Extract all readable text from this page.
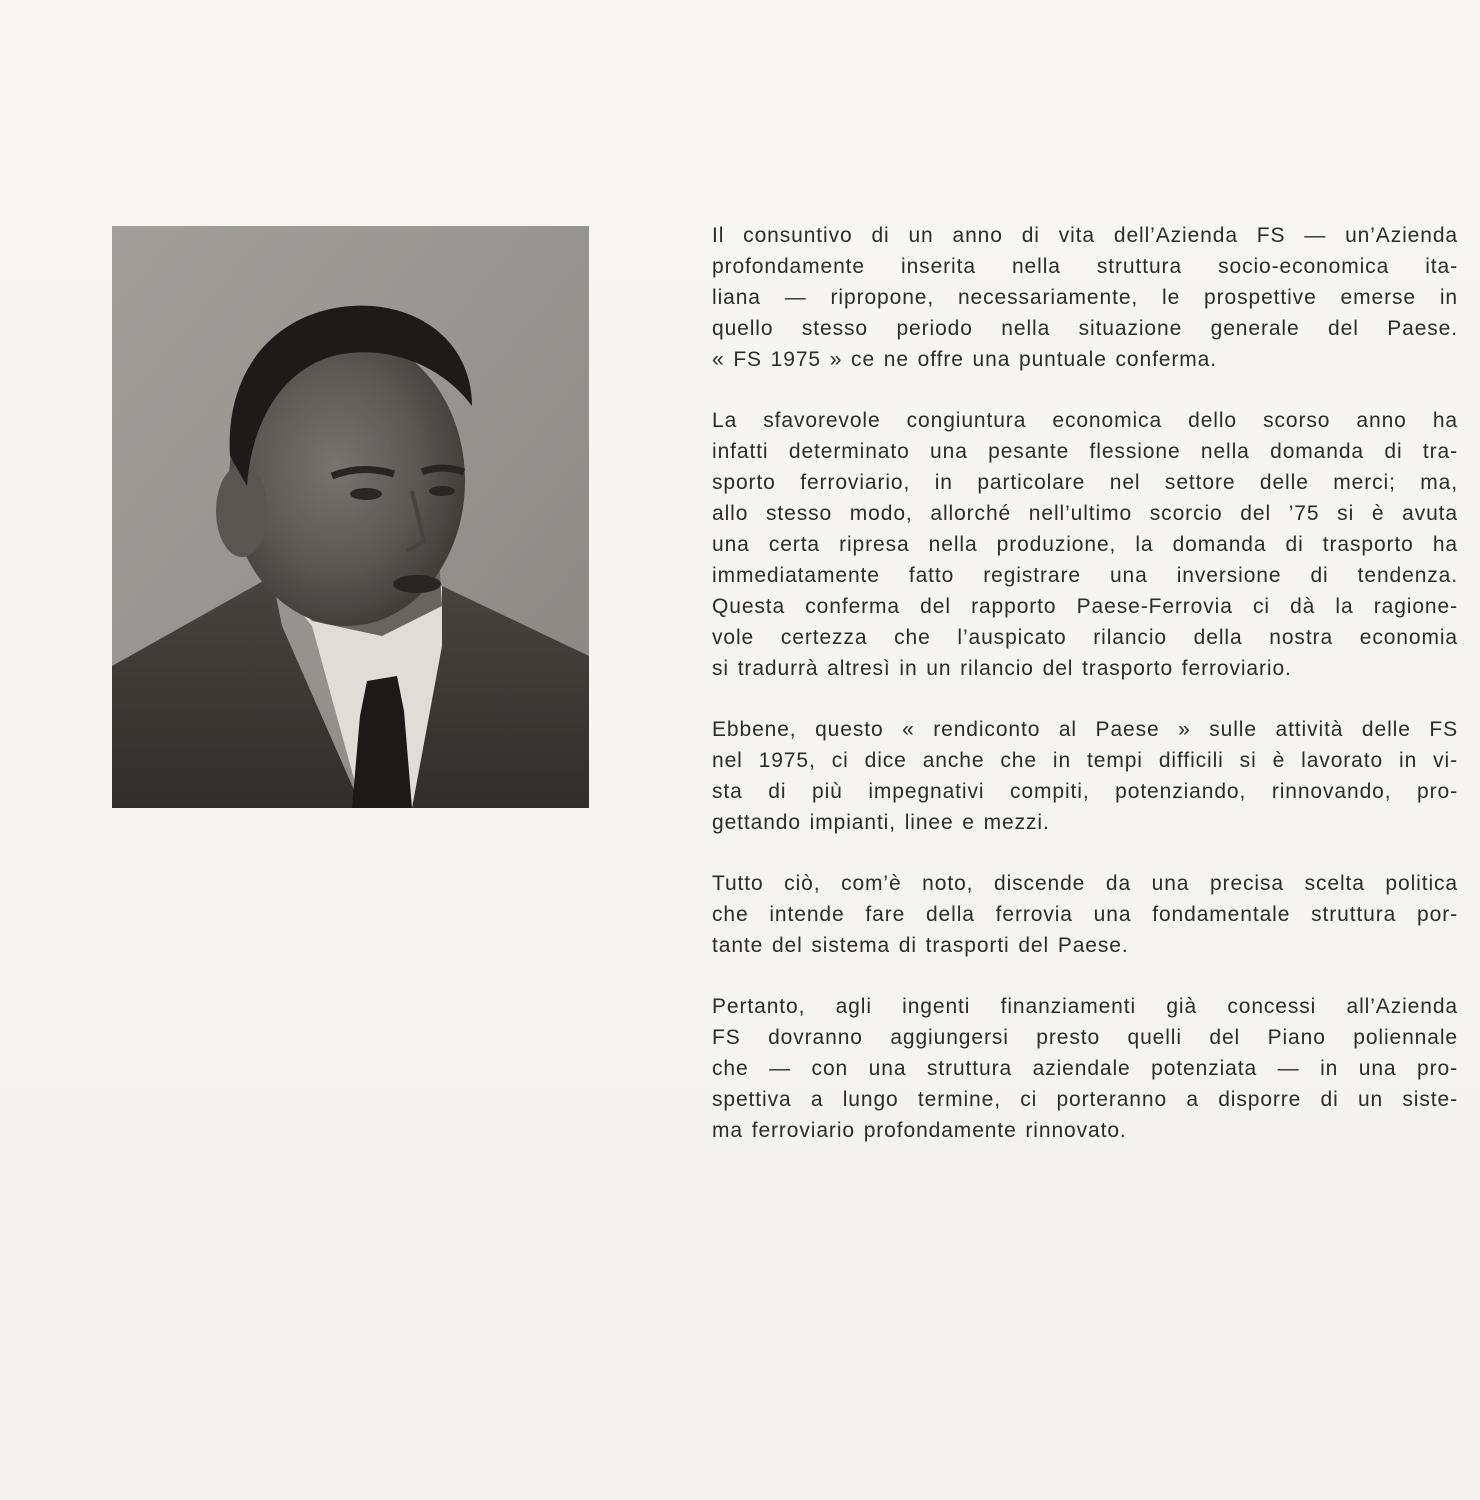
Il consuntivo di un anno di vita dell’Azienda FS — un’Azienda
profondamente inserita nella struttura socio-economica ita-
liana — ripropone, necessariamente, le prospettive emerse in
quello stesso periodo nella situazione generale del Paese.
« FS 1975 » ce ne offre una puntuale conferma.

La sfavorevole congiuntura economica dello scorso anno ha
infatti determinato una pesante flessione nella domanda di tra-
sporto ferroviario, in particolare nel settore delle merci; ma,
allo stesso modo, allorché nell’ultimo scorcio del ’75 si è avuta
una certa ripresa nella produzione, la domanda di trasporto ha
immediatamente fatto registrare una inversione di tendenza.
Questa conferma del rapporto Paese-Ferrovia ci dà la ragione-
vole certezza che l’auspicato rilancio della nostra economia
si tradurrà altresì in un rilancio del trasporto ferroviario.

Ebbene, questo « rendiconto al Paese » sulle attività delle FS
nel 1975, ci dice anche che in tempi difficili si è lavorato in vi-
sta di più impegnativi compiti, potenziando, rinnovando, pro-
gettando impianti, linee e mezzi.

Tutto ciò, com’è noto, discende da una precisa scelta politica
che intende fare della ferrovia una fondamentale struttura por-
tante del sistema di trasporti del Paese.

Pertanto, agli ingenti finanziamenti già concessi all’Azienda
FS dovranno aggiungersi presto quelli del Piano poliennale
che — con una struttura aziendale potenziata — in una pro-
spettiva a lungo termine, ci porteranno a disporre di un siste-
ma ferroviario profondamente rinnovato.
